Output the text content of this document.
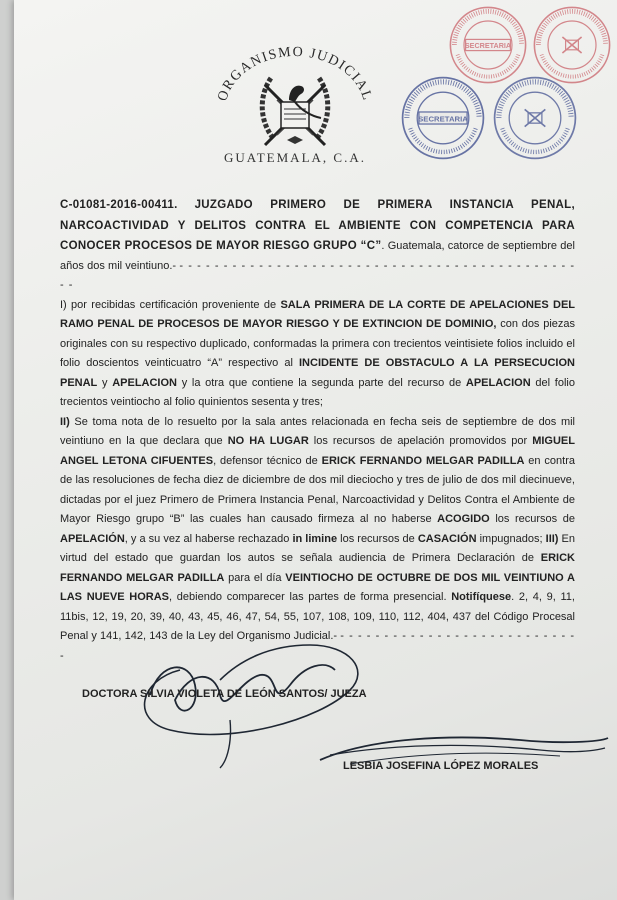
ORGANISMO JUDICIAL
GUATEMALA, C.A.
SECRETARIA
SECRETARIA

C-01081-2016-00411. JUZGADO PRIMERO DE PRIMERA INSTANCIA PENAL, NARCOACTIVIDAD Y DELITOS CONTRA EL AMBIENTE CON COMPETENCIA PARA CONOCER PROCESOS DE MAYOR RIESGO GRUPO “C”. Guatemala, catorce de septiembre del años dos mil veintiuno.- - - - - - - - - - - - - - - - - - - - - - - - - - - - - - - - - - - - - - - - - - - - - - - -

I) por recibidas certificación proveniente de SALA PRIMERA DE LA CORTE DE APELACIONES DEL RAMO PENAL DE PROCESOS DE MAYOR RIESGO Y DE EXTINCION DE DOMINIO, con dos piezas originales con su respectivo duplicado, conformadas la primera con trecientos veintisiete folios incluido el folio doscientos veinticuatro “A” respectivo al INCIDENTE DE OBSTACULO A LA PERSECUCION PENAL y APELACION y la otra que contiene la segunda parte del recurso de APELACION del folio trecientos veintiocho al folio quinientos sesenta y tres;

II) Se toma nota de lo resuelto por la sala antes relacionada en fecha seis de septiembre de dos mil veintiuno en la que declara que NO HA LUGAR los recursos de apelación promovidos por MIGUEL ANGEL LETONA CIFUENTES, defensor técnico de ERICK FERNANDO MELGAR PADILLA en contra de las resoluciones de fecha diez de diciembre de dos mil dieciocho y tres de julio de dos mil diecinueve, dictadas por el juez Primero de Primera Instancia Penal, Narcoactividad y Delitos Contra el Ambiente de Mayor Riesgo grupo “B” las cuales han causado firmeza al no haberse ACOGIDO los recursos de APELACIÓN, y a su vez al haberse rechazado in limine los recursos de CASACIÓN impugnados; III) En virtud del estado que guardan los autos se señala audiencia de Primera Declaración de ERICK FERNANDO MELGAR PADILLA para el día VEINTIOCHO DE OCTUBRE DE DOS MIL VEINTIUNO A LAS NUEVE HORAS, debiendo comparecer las partes de forma presencial. Notifíquese. 2, 4, 9, 11, 11bis, 12, 19, 20, 39, 40, 43, 45, 46, 47, 54, 55, 107, 108, 109, 110, 112, 404, 437 del Código Procesal Penal y 141, 142, 143 de la Ley del Organismo Judicial.- - - - - - - - - - - - - - - - - - - - - - - - - - - - -

DOCTORA SILVIA VIOLETA DE LEÓN SANTOS/ JUEZA
LESBIA JOSEFINA LÓPEZ MORALES
